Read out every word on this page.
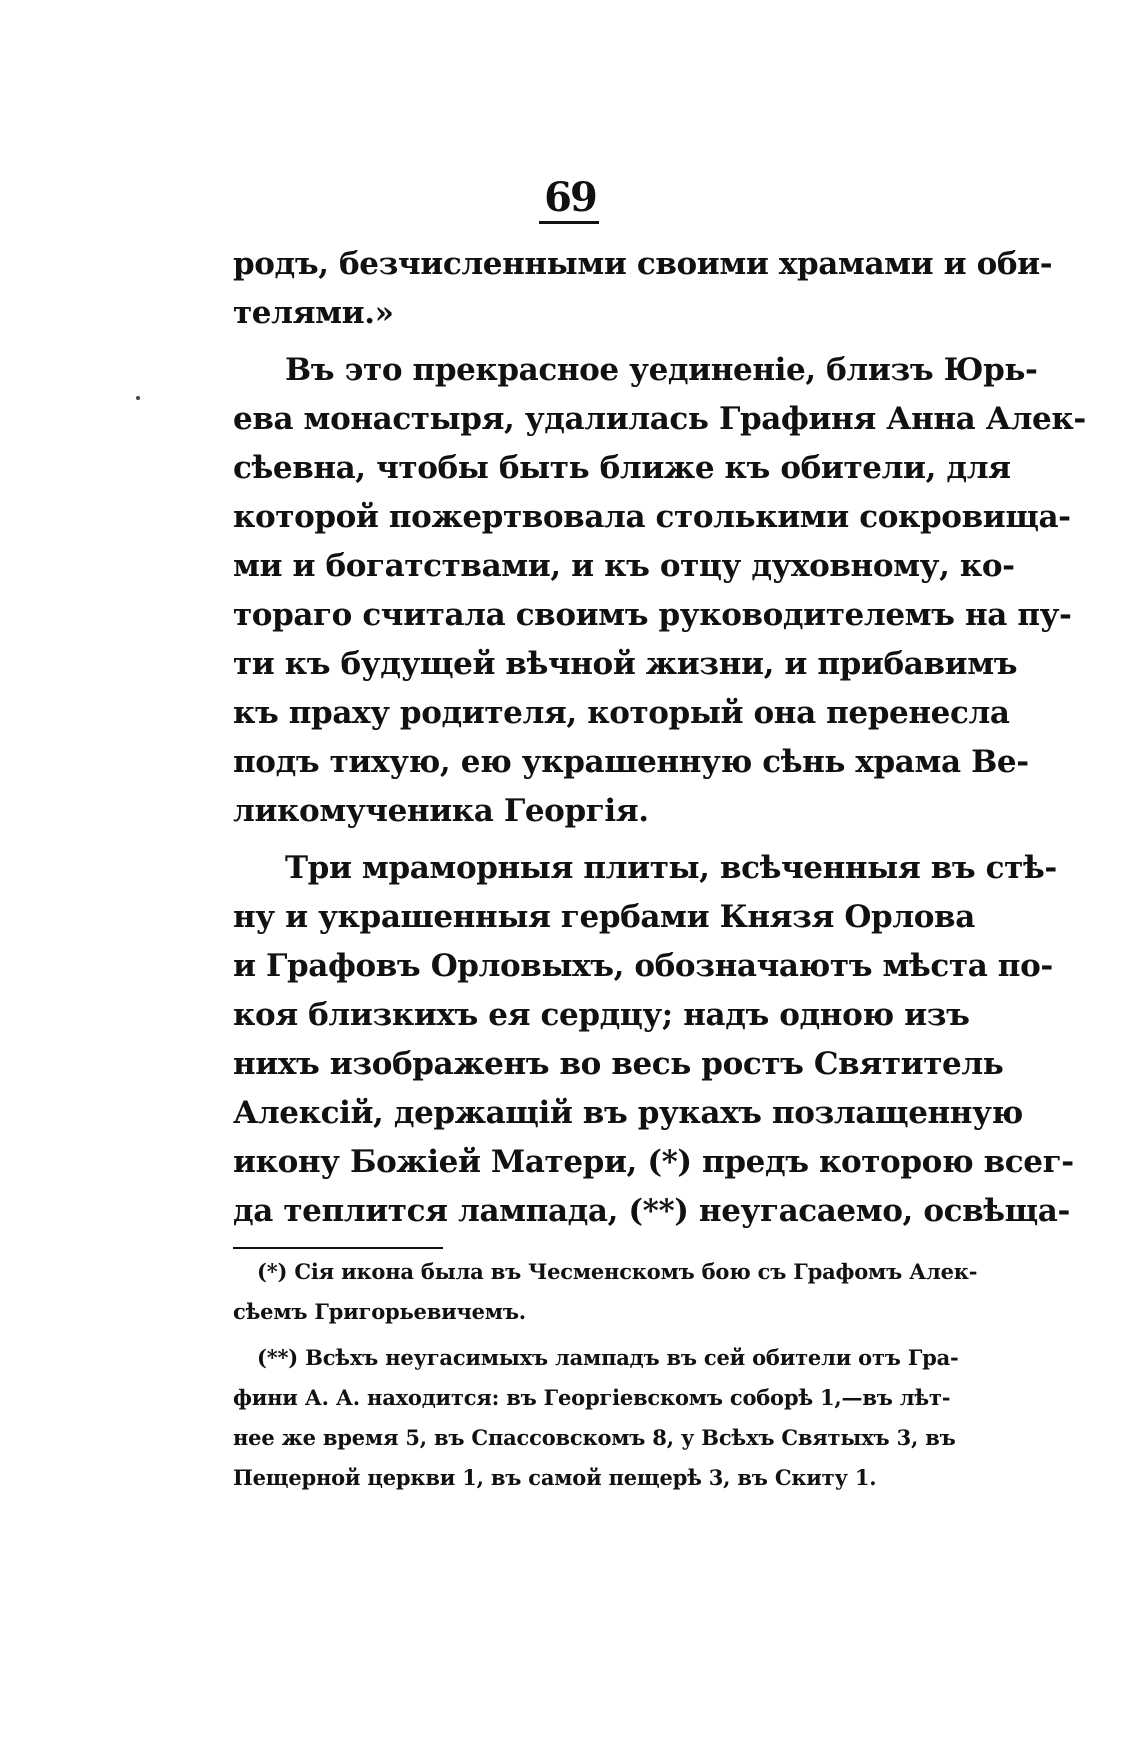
69
родъ, безчисленными своими храмами и оби-
телями.»
Въ это прекрасное уединеніе, близъ Юрь-
ева монастыря, удалилась Графиня Анна Алек-
сѣевна, чтобы быть ближе къ обители, для
которой пожертвовала столькими сокровища-
ми и богатствами, и къ отцу духовному, ко-
тораго считала своимъ руководителемъ на пу-
ти къ будущей вѣчной жизни, и прибавимъ
къ праху родителя, который она перенесла
подъ тихую, ею украшенную сѣнь храма Ве-
ликомученика Георгія.
Три мраморныя плиты, всѣченныя въ стѣ-
ну и украшенныя гербами Князя Орлова
и Графовъ Орловыхъ, обозначаютъ мѣста по-
коя близкихъ ея сердцу; надъ одною изъ
нихъ изображенъ во весь ростъ Святитель
Алексій, держащій въ рукахъ позлащенную
икону Божіей Матери, (*) предъ которою всег-
да теплится лампада, (**) неугасаемо, освѣща-
(*) Сія икона была въ Чесменскомъ бою съ Графомъ Алек-
сѣемъ Григорьевичемъ.
(**) Всѣхъ неугасимыхъ лампадъ въ сей обители отъ Гра-
фини А. А. находится: въ Георгіевскомъ соборѣ 1,—въ лѣт-
нее же время 5, въ Спассовскомъ 8, у Всѣхъ Святыхъ 3, въ
Пещерной церкви 1, въ самой пещерѣ 3, въ Скиту 1.
